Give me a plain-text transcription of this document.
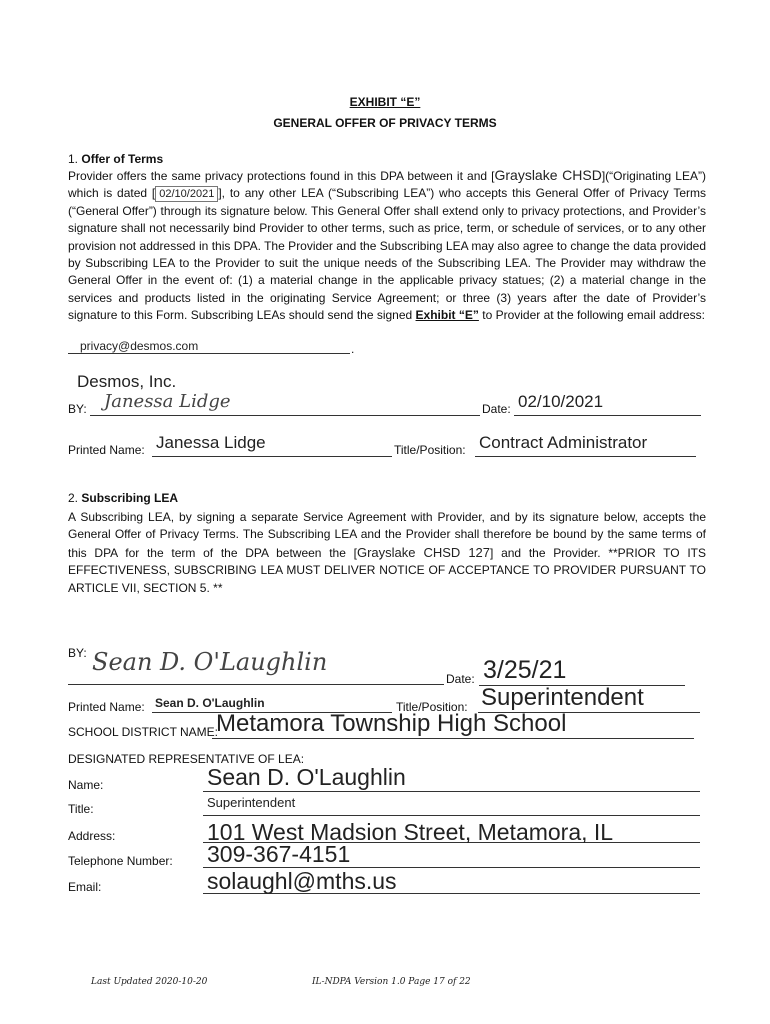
EXHIBIT “E”
GENERAL OFFER OF PRIVACY TERMS
1. Offer of Terms
Provider offers the same privacy protections found in this DPA between it and [Grayslake CHSD](“Originating LEA”) which is dated [ 02/10/2021 ], to any other LEA (“Subscribing LEA”) who accepts this General Offer of Privacy Terms (“General Offer”) through its signature below. This General Offer shall extend only to privacy protections, and Provider’s signature shall not necessarily bind Provider to other terms, such as price, term, or schedule of services, or to any other provision not addressed in this DPA. The Provider and the Subscribing LEA may also agree to change the data provided by Subscribing LEA to the Provider to suit the unique needs of the Subscribing LEA. The Provider may withdraw the General Offer in the event of: (1) a material change in the applicable privacy statues; (2) a material change in the services and products listed in the originating Service Agreement; or three (3) years after the date of Provider’s signature to this Form. Subscribing LEAs should send the signed Exhibit “E” to Provider at the following email address:
privacy@desmos.com	.
Desmos, Inc.
BY: Janessa Lidge	Date: 02/10/2021
Printed Name: Janessa Lidge	Title/Position: Contract Administrator
2. Subscribing LEA
A Subscribing LEA, by signing a separate Service Agreement with Provider, and by its signature below, accepts the General Offer of Privacy Terms. The Subscribing LEA and the Provider shall therefore be bound by the same terms of this DPA for the term of the DPA between the [Grayslake CHSD 127] and the Provider. **PRIOR TO ITS EFFECTIVENESS, SUBSCRIBING LEA MUST DELIVER NOTICE OF ACCEPTANCE TO PROVIDER PURSUANT TO ARTICLE VII, SECTION 5. **
BY: Sean D. O'Laughlin
Date: 3/25/21
Printed Name: Sean D. O'Laughlin	Title/Position: Superintendent
SCHOOL DISTRICT NAME:
Metamora Township High School
DESIGNATED REPRESENTATIVE OF LEA:
Name:	Sean D. O'Laughlin
Title:	Superintendent
Address:	101 West Madsion Street, Metamora, IL
Telephone Number: 309-367-4151
Email:	solaughl@mths.us
Last Updated 2020-10-20	IL-NDPA Version 1.0 Page 17 of 22
